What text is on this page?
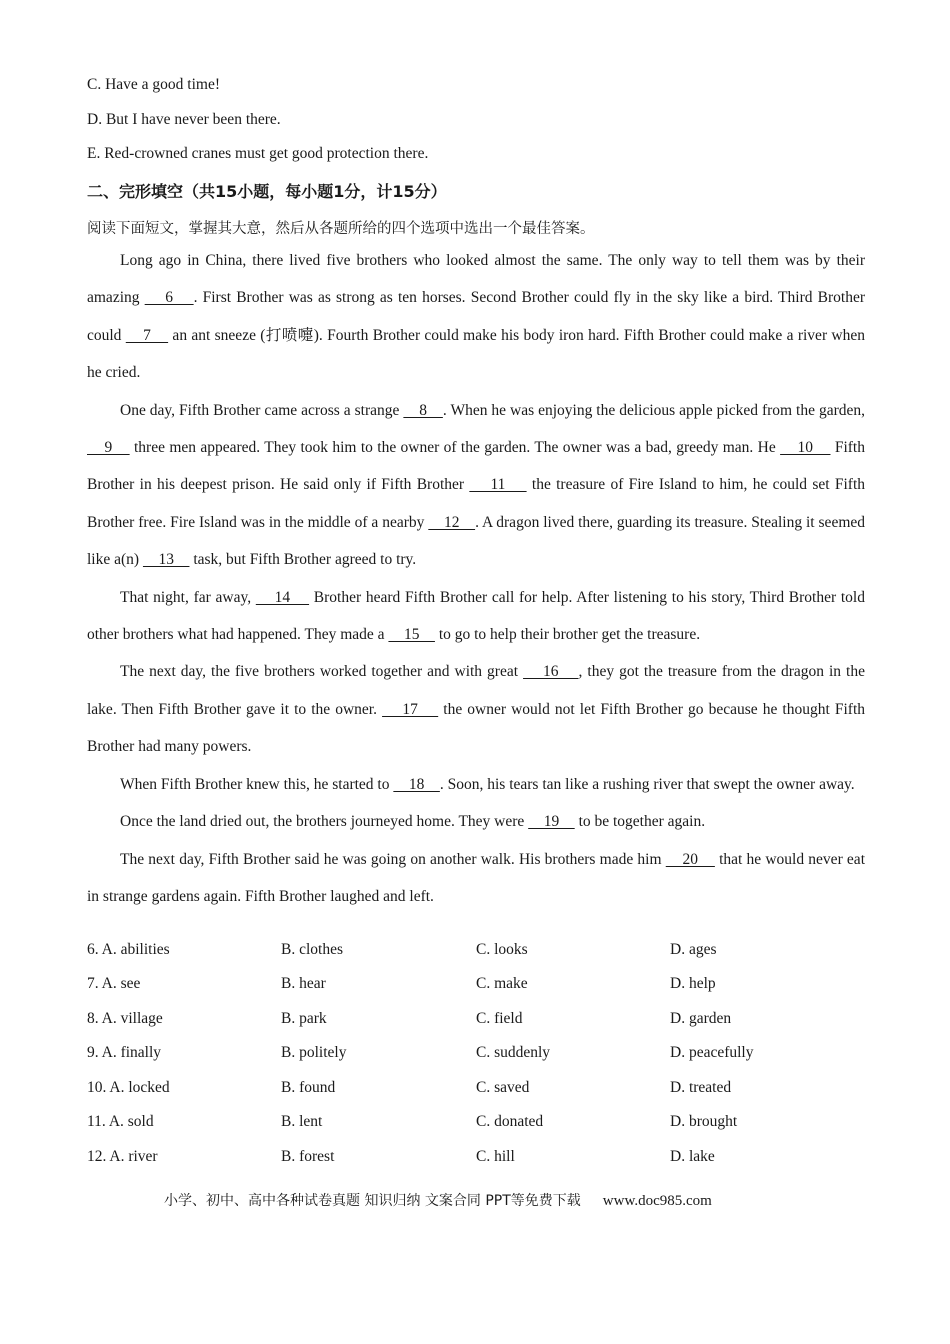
C. Have a good time!
D. But I have never been there.
E. Red-crowned cranes must get good protection there.
二、完形填空（共15小题，每小题1分，计15分）
阅读下面短文，掌握其大意，然后从各题所给的四个选项中选出一个最佳答案。

Long ago in China, there lived five brothers who looked almost the same. The only way to tell them was by their amazing     6    . First Brother was as strong as ten horses. Second Brother could fly in the sky like a bird. Third Brother could     7     an ant sneeze (打喷嚏). Fourth Brother could make his body iron hard. Fifth Brother could make a river when he cried.

One day, Fifth Brother came across a strange     8    . When he was enjoying the delicious apple picked from the garden,     9     three men appeared. They took him to the owner of the garden. The owner was a bad, greedy man. He     10     Fifth Brother in his deepest prison. He said only if Fifth Brother     11     the treasure of Fire Island to him, he could set Fifth Brother free. Fire Island was in the middle of a nearby     12    . A dragon lived there, guarding its treasure. Stealing it seemed like a(n)     13     task, but Fifth Brother agreed to try.

That night, far away,     14     Brother heard Fifth Brother call for help. After listening to his story, Third Brother told other brothers what had happened. They made a     15     to go to help their brother get the treasure.

The next day, the five brothers worked together and with great     16    , they got the treasure from the dragon in the lake. Then Fifth Brother gave it to the owner.     17     the owner would not let Fifth Brother go because he thought Fifth Brother had many powers.

When Fifth Brother knew this, he started to     18    . Soon, his tears tan like a rushing river that swept the owner away.

Once the land dried out, the brothers journeyed home. They were     19     to be together again.

The next day, Fifth Brother said he was going on another walk. His brothers made him     20     that he would never eat in strange gardens again. Fifth Brother laughed and left.

6. A. abilities	B. clothes	C. looks	D. ages
7. A. see	B. hear	C. make	D. help
8. A. village	B. park	C. field	D. garden
9. A. finally	B. politely	C. suddenly	D. peacefully
10. A. locked	B. found	C. saved	D. treated
11. A. sold	B. lent	C. donated	D. brought
12. A. river	B. forest	C. hill	D. lake
小学、初中、高中各种试卷真题 知识归纳 文案合同 PPT等免费下载 www.doc985.com
